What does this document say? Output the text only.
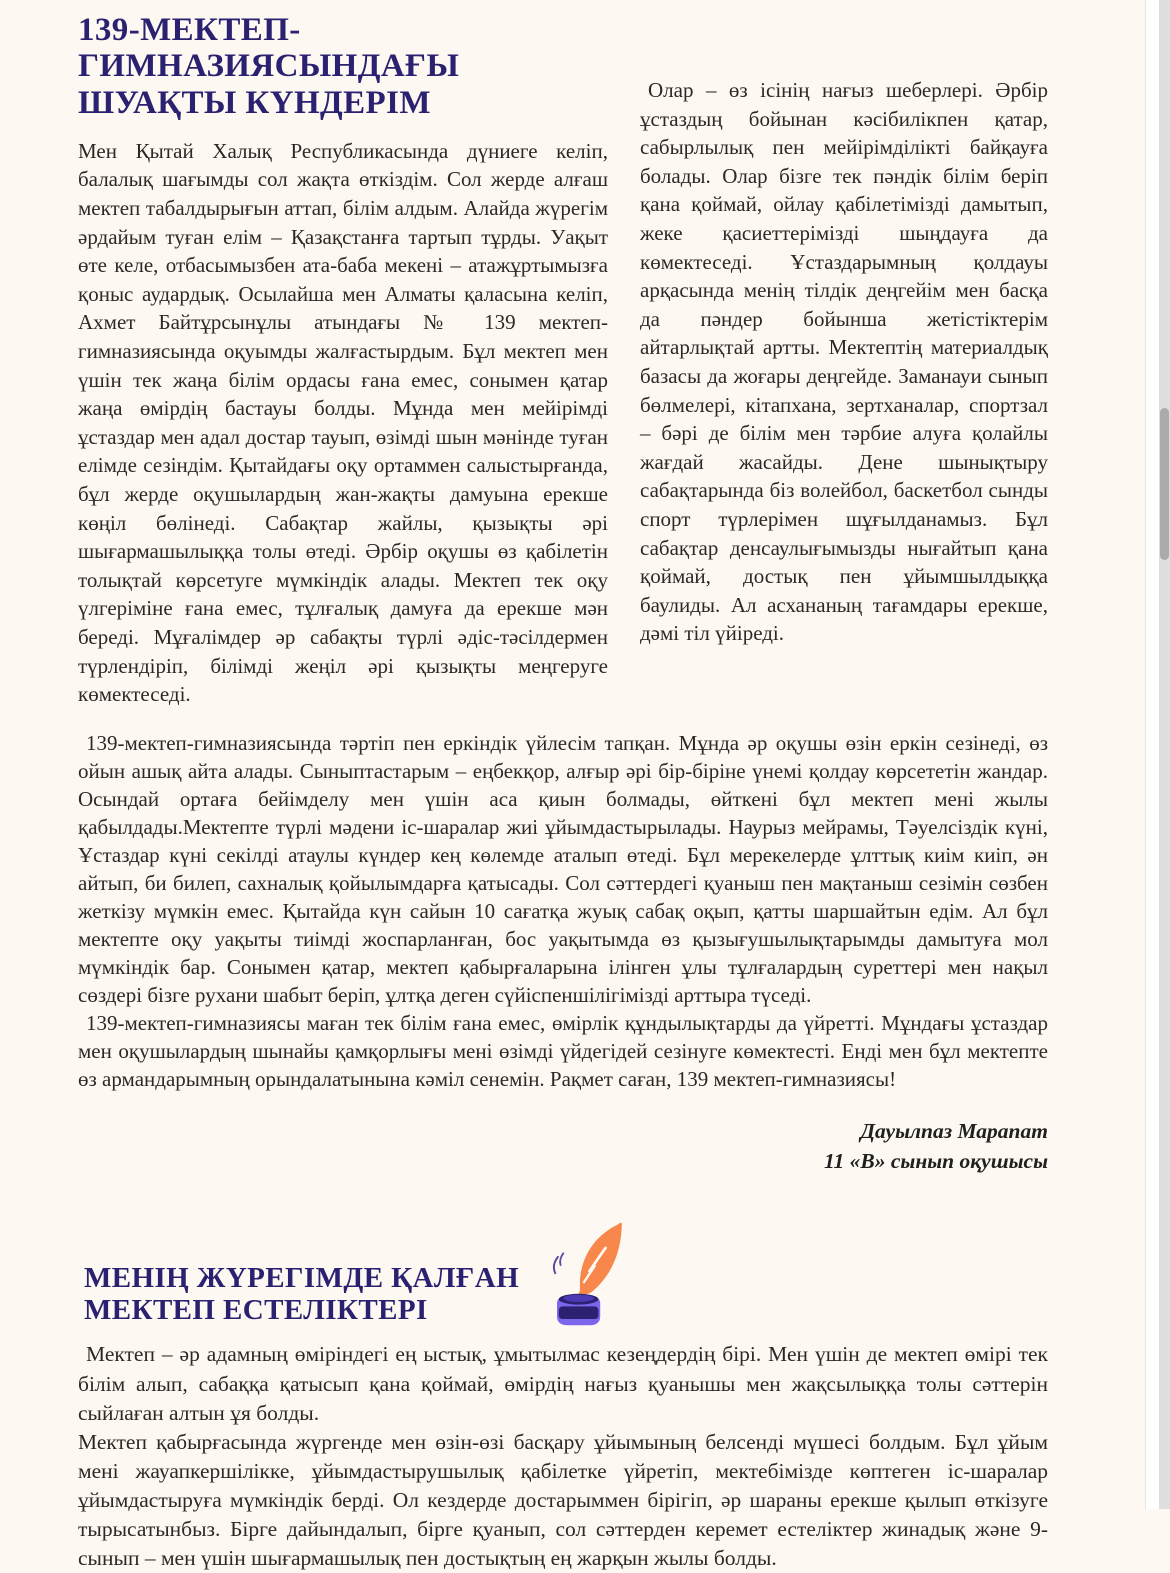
139-МЕКТЕП-
ГИМНАЗИЯСЫНДАҒЫ
ШУАҚТЫ КҮНДЕРІМ

Мен Қытай Халық Республикасында дүниеге келіп, балалық шағымды сол жақта өткіздім. Сол жерде алғаш мектеп табалдырығын аттап, білім алдым. Алайда жүрегім әрдайым туған елім – Қазақстанға тартып тұрды. Уақыт өте келе, отбасымызбен ата-баба мекені – атажұртымызға қоныс аудардық. Осылайша мен Алматы қаласына келіп, Ахмет Байтұрсынұлы атындағы № 139 мектеп-гимназиясында оқуымды жалғастырдым. Бұл мектеп мен үшін тек жаңа білім ордасы ғана емес, сонымен қатар жаңа өмірдің бастауы болды. Мұнда мен мейірімді ұстаздар мен адал достар тауып, өзімді шын мәнінде туған елімде сезіндім. Қытайдағы оқу ортаммен салыстырғанда, бұл жерде оқушылардың жан-жақты дамуына ерекше көңіл бөлінеді. Сабақтар жайлы, қызықты әрі шығармашылыққа толы өтеді. Әрбір оқушы өз қабілетін толықтай көрсетуге мүмкіндік алады. Мектеп тек оқу үлгеріміне ғана емес, тұлғалық дамуға да ерекше мән береді. Мұғалімдер әр сабақты түрлі әдіс-тәсілдермен түрлендіріп, білімді жеңіл әрі қызықты меңгеруге көмектеседі.

Олар – өз ісінің нағыз шеберлері. Әрбір ұстаздың бойынан кәсібилікпен қатар, сабырлылық пен мейірімділікті байқауға болады. Олар бізге тек пәндік білім беріп қана қоймай, ойлау қабілетімізді дамытып, жеке қасиеттерімізді шыңдауға да көмектеседі. Ұстаздарымның қолдауы арқасында менің тілдік деңгейім мен басқа да пәндер бойынша жетістіктерім айтарлықтай артты. Мектептің материалдық базасы да жоғары деңгейде. Заманауи сынып бөлмелері, кітапхана, зертханалар, спортзал – бәрі де білім мен тәрбие алуға қолайлы жағдай жасайды. Дене шынықтыру сабақтарында біз волейбол, баскетбол сынды спорт түрлерімен шұғылданамыз. Бұл сабақтар денсаулығымызды нығайтып қана қоймай, достық пен ұйымшылдыққа баулиды. Ал асхананың тағамдары ерекше, дәмі тіл үйіреді.

139-мектеп-гимназиясында тәртіп пен еркіндік үйлесім тапқан. Мұнда әр оқушы өзін еркін сезінеді, өз ойын ашық айта алады. Сыныптастарым – еңбекқор, алғыр әрі бір-біріне үнемі қолдау көрсететін жандар. Осындай ортаға бейімделу мен үшін аса қиын болмады, өйткені бұл мектеп мені жылы қабылдады.Мектепте түрлі мәдени іс-шаралар жиі ұйымдастырылады. Наурыз мейрамы, Тәуелсіздік күні, Ұстаздар күні секілді атаулы күндер кең көлемде аталып өтеді. Бұл мерекелерде ұлттық киім киіп, ән айтып, би билеп, сахналық қойылымдарға қатысады. Сол сәттердегі қуаныш пен мақтаныш сезімін сөзбен жеткізу мүмкін емес. Қытайда күн сайын 10 сағатқа жуық сабақ оқып, қатты шаршайтын едім. Ал бұл мектепте оқу уақыты тиімді жоспарланған, бос уақытымда өз қызығушылықтарымды дамытуға мол мүмкіндік бар. Сонымен қатар, мектеп қабырғаларына ілінген ұлы тұлғалардың суреттері мен нақыл сөздері бізге рухани шабыт беріп, ұлтқа деген сүйіспеншілігімізді арттыра түседі.

139-мектеп-гимназиясы маған тек білім ғана емес, өмірлік құндылықтарды да үйретті. Мұндағы ұстаздар мен оқушылардың шынайы қамқорлығы мені өзімді үйдегідей сезінуге көмектесті. Енді мен бұл мектепте өз армандарымның орындалатынына кәміл сенемін. Рақмет саған, 139 мектеп-гимназиясы!

Дауылпаз Марапат
11 «В» сынып оқушысы
МЕНІҢ ЖҮРЕГІМДЕ ҚАЛҒАН
МЕКТЕП ЕСТЕЛІКТЕРІ

Мектеп – әр адамның өміріндегі ең ыстық, ұмытылмас кезеңдердің бірі. Мен үшін де мектеп өмірі тек білім алып, сабаққа қатысып қана қоймай, өмірдің нағыз қуанышы мен жақсылыққа толы сәттерін сыйлаған алтын ұя болды.

Мектеп қабырғасында жүргенде мен өзін-өзі басқару ұйымының белсенді мүшесі болдым. Бұл ұйым мені жауапкершілікке, ұйымдастырушылық қабілетке үйретіп, мектебімізде көптеген іс-шаралар ұйымдастыруға мүмкіндік берді. Ол кездерде достарыммен бірігіп, әр шараны ерекше қылып өткізуге тырысатынбыз. Бірге дайындалып, бірге қуанып, сол сәттерден керемет естеліктер жинадық және 9-сынып – мен үшін шығармашылық пен достықтың ең жарқын жылы болды.
